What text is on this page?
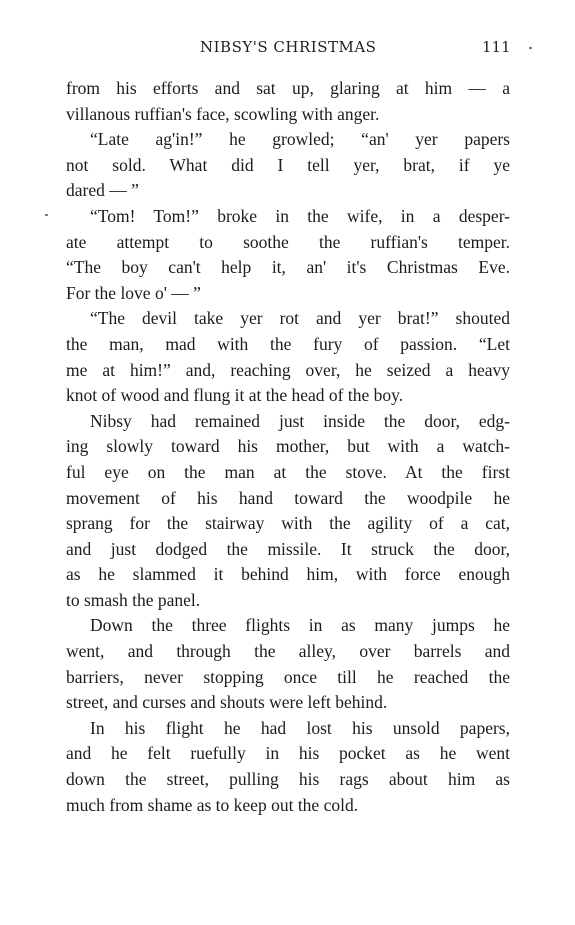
NIBSY'S CHRISTMAS	111
from his efforts and sat up, glaring at him — a
villanous ruffian's face, scowling with anger.
“Late ag'in!” he growled; “an' yer papers
not sold. What did I tell yer, brat, if ye
dared — ”
“Tom! Tom!” broke in the wife, in a desper-
ate attempt to soothe the ruffian's temper.
“The boy can't help it, an' it's Christmas Eve.
For the love o' — ”
“The devil take yer rot and yer brat!” shouted
the man, mad with the fury of passion. “Let
me at him!” and, reaching over, he seized a heavy
knot of wood and flung it at the head of the boy.
Nibsy had remained just inside the door, edg-
ing slowly toward his mother, but with a watch-
ful eye on the man at the stove. At the first
movement of his hand toward the woodpile he
sprang for the stairway with the agility of a cat,
and just dodged the missile. It struck the door,
as he slammed it behind him, with force enough
to smash the panel.
Down the three flights in as many jumps he
went, and through the alley, over barrels and
barriers, never stopping once till he reached the
street, and curses and shouts were left behind.
In his flight he had lost his unsold papers,
and he felt ruefully in his pocket as he went
down the street, pulling his rags about him as
much from shame as to keep out the cold.
